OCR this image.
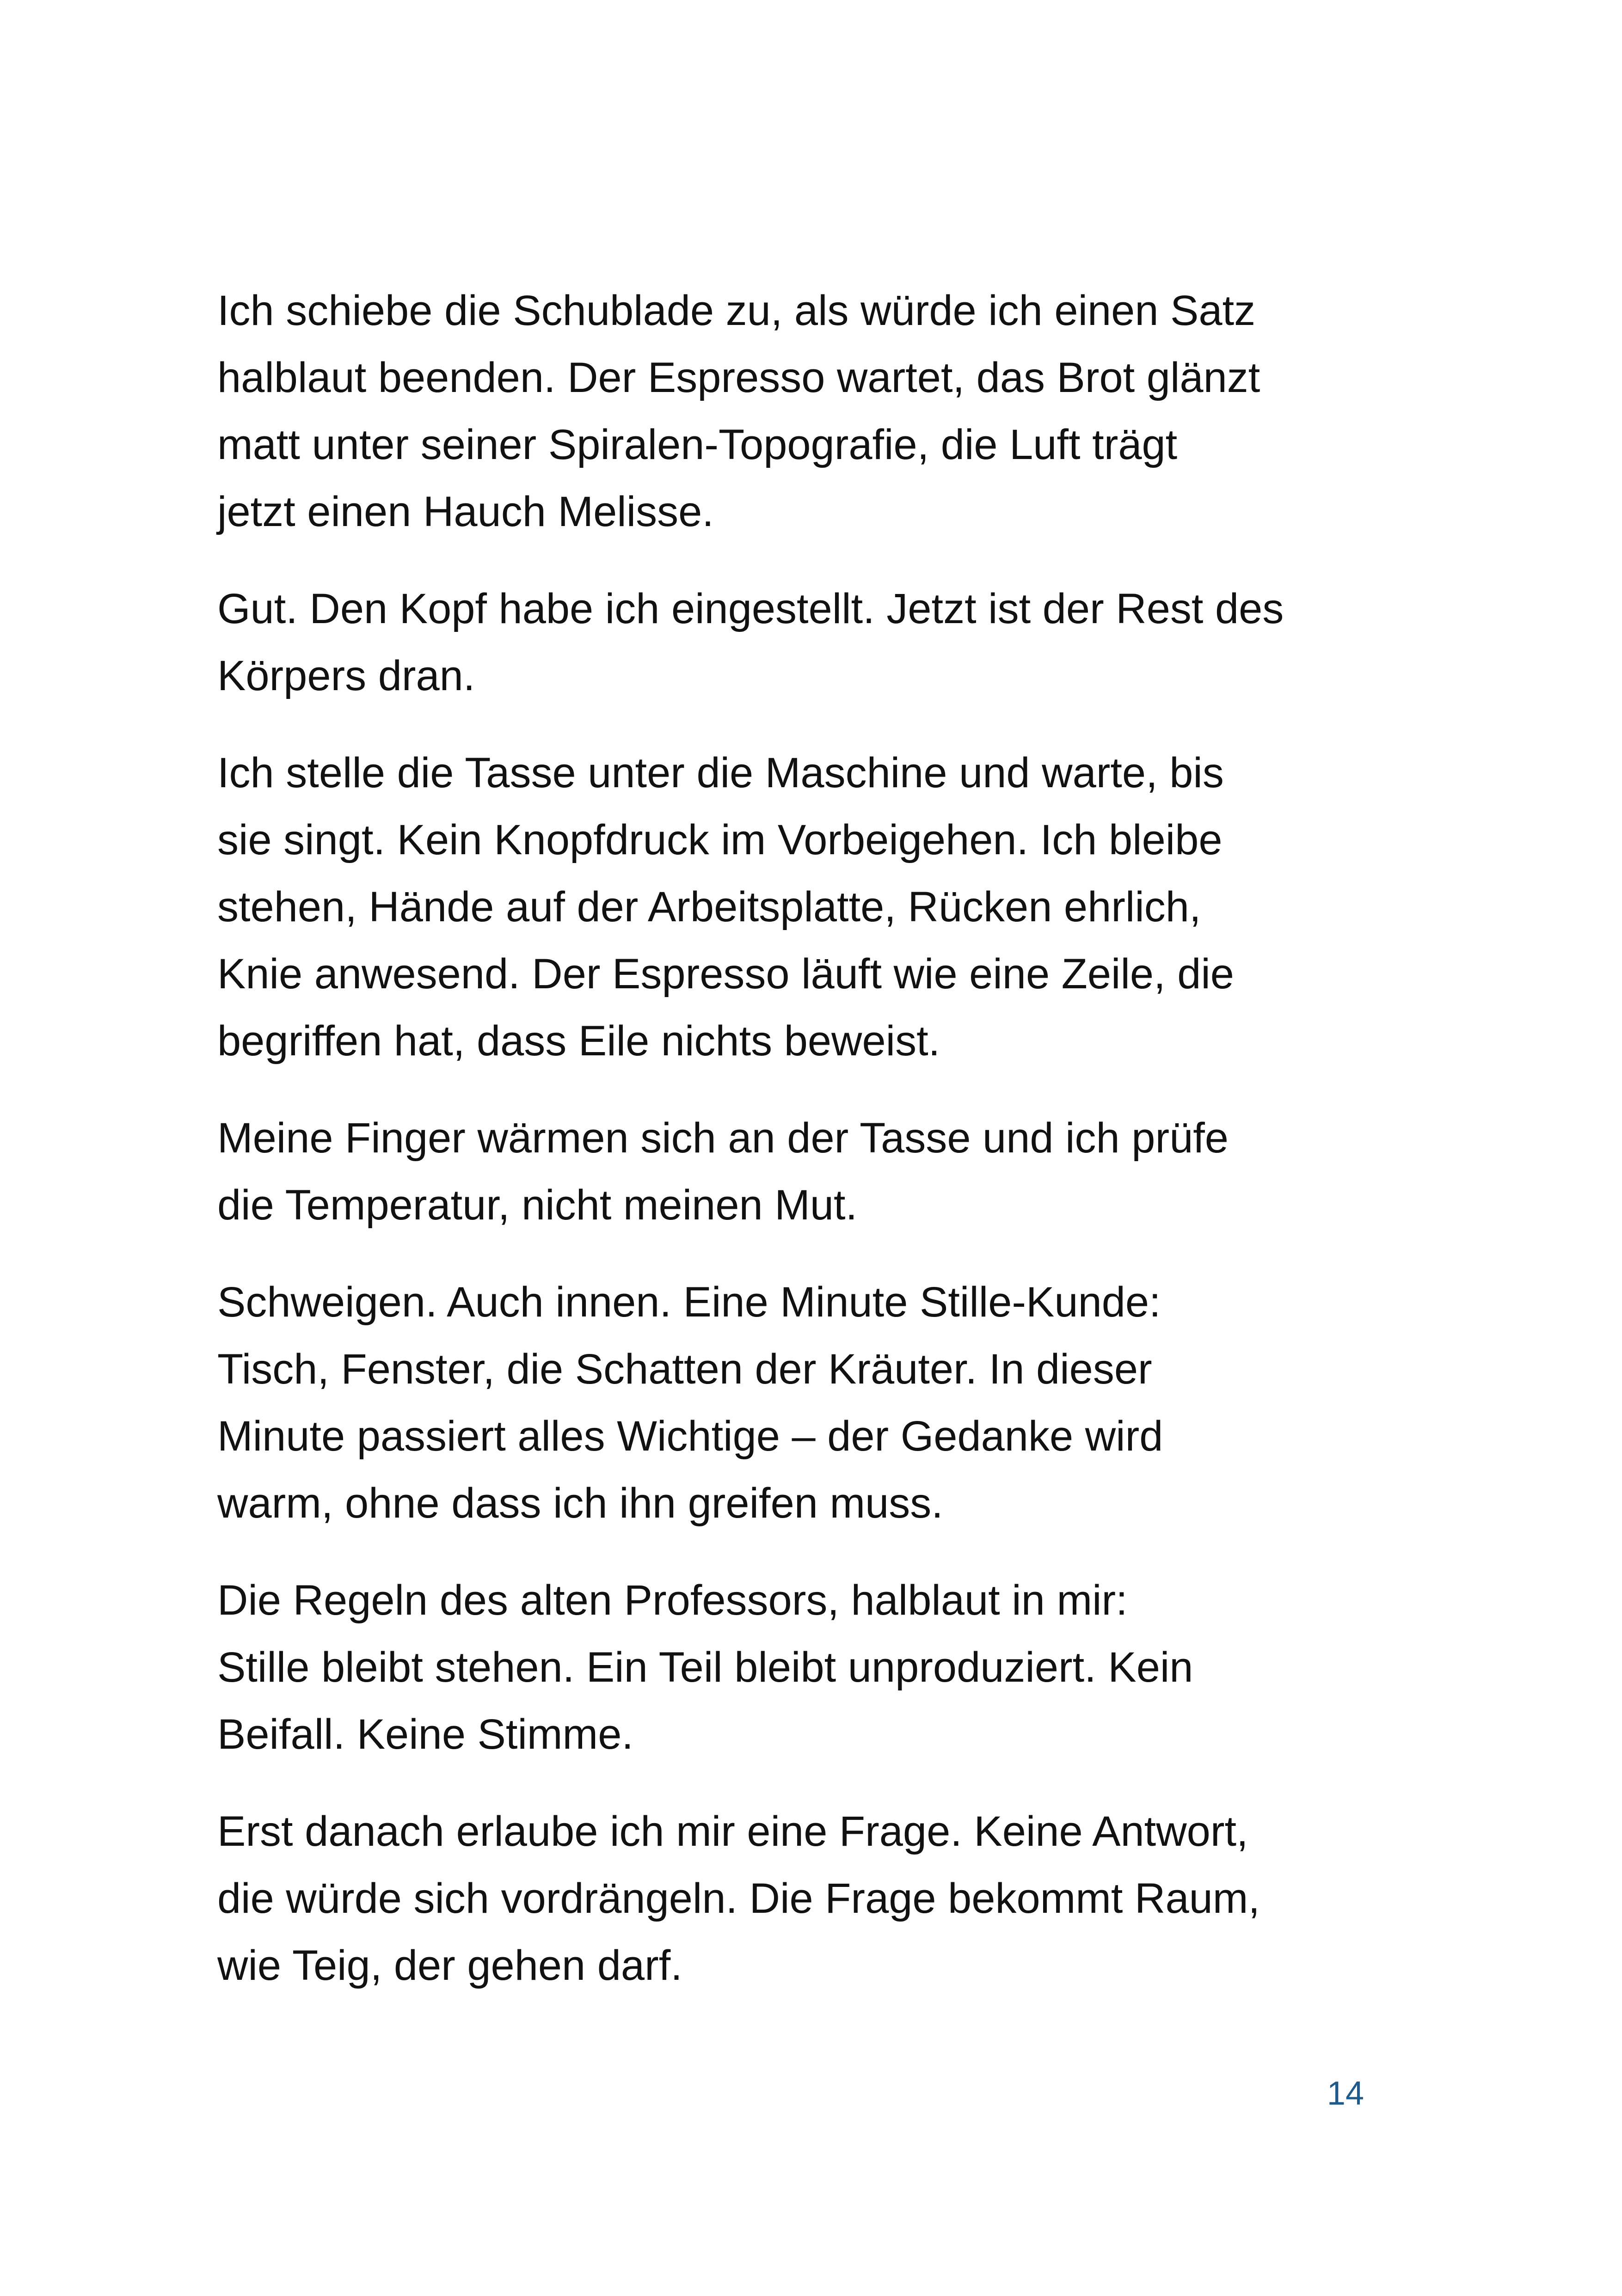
Ich schiebe die Schublade zu, als würde ich einen Satz
halblaut beenden. Der Espresso wartet, das Brot glänzt
matt unter seiner Spiralen-Topografie, die Luft trägt
jetzt einen Hauch Melisse.

Gut. Den Kopf habe ich eingestellt. Jetzt ist der Rest des
Körpers dran.

Ich stelle die Tasse unter die Maschine und warte, bis
sie singt. Kein Knopfdruck im Vorbeigehen. Ich bleibe
stehen, Hände auf der Arbeitsplatte, Rücken ehrlich,
Knie anwesend. Der Espresso läuft wie eine Zeile, die
begriffen hat, dass Eile nichts beweist.

Meine Finger wärmen sich an der Tasse und ich prüfe
die Temperatur, nicht meinen Mut.

Schweigen. Auch innen. Eine Minute Stille-Kunde:
Tisch, Fenster, die Schatten der Kräuter. In dieser
Minute passiert alles Wichtige – der Gedanke wird
warm, ohne dass ich ihn greifen muss.

Die Regeln des alten Professors, halblaut in mir:
Stille bleibt stehen. Ein Teil bleibt unproduziert. Kein
Beifall. Keine Stimme.

Erst danach erlaube ich mir eine Frage. Keine Antwort,
die würde sich vordrängeln. Die Frage bekommt Raum,
wie Teig, der gehen darf.

14
